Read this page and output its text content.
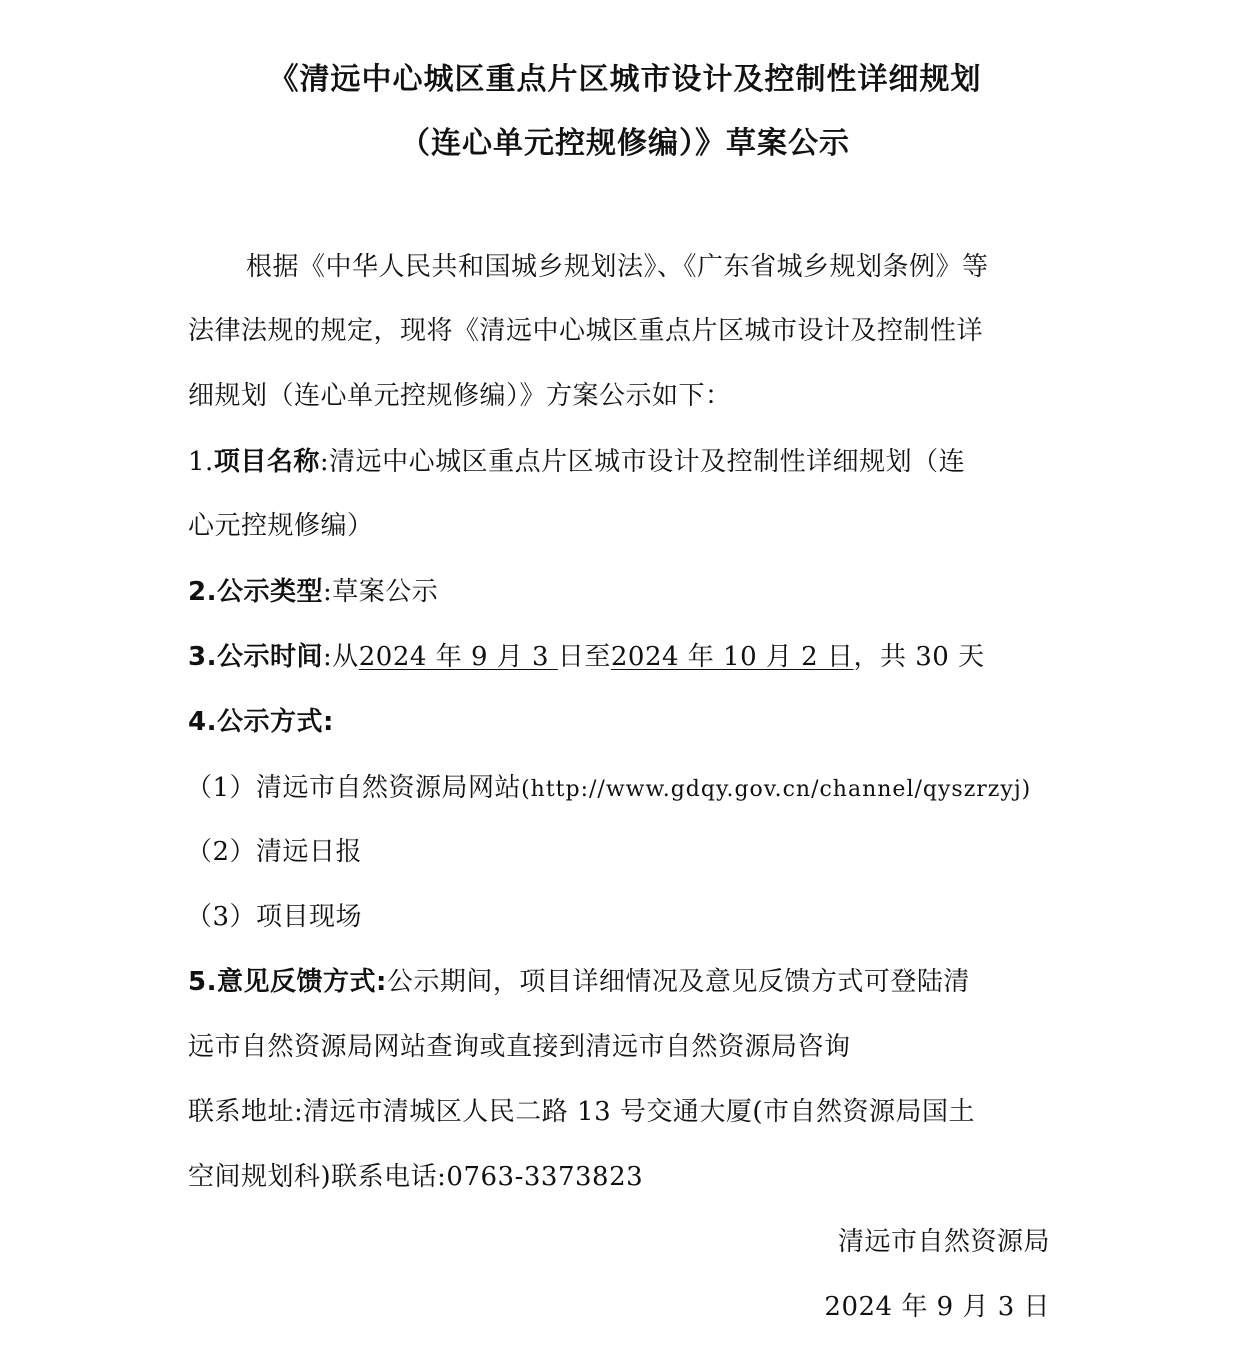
《清远中心城区重点片区城市设计及控制性详细规划
（连心单元控规修编）》草案公示
根据《中华人民共和国城乡规划法》、《广东省城乡规划条例》等
法律法规的规定，现将《清远中心城区重点片区城市设计及控制性详
细规划（连心单元控规修编）》方案公示如下：
1.项目名称:清远中心城区重点片区城市设计及控制性详细规划（连
心元控规修编）
2.公示类型:草案公示
3.公示时间:从2024 年 9 月 3 日至2024 年 10 月 2 日，共 30 天
4.公示方式:
（1）清远市自然资源局网站(http://www.gdqy.gov.cn/channel/qyszrzyj)
（2）清远日报
（3）项目现场
5.意见反馈方式:公示期间，项目详细情况及意见反馈方式可登陆清
远市自然资源局网站查询或直接到清远市自然资源局咨询
联系地址:清远市清城区人民二路 13 号交通大厦(市自然资源局国土
空间规划科)联系电话:0763-3373823
清远市自然资源局
2024 年 9 月 3 日
